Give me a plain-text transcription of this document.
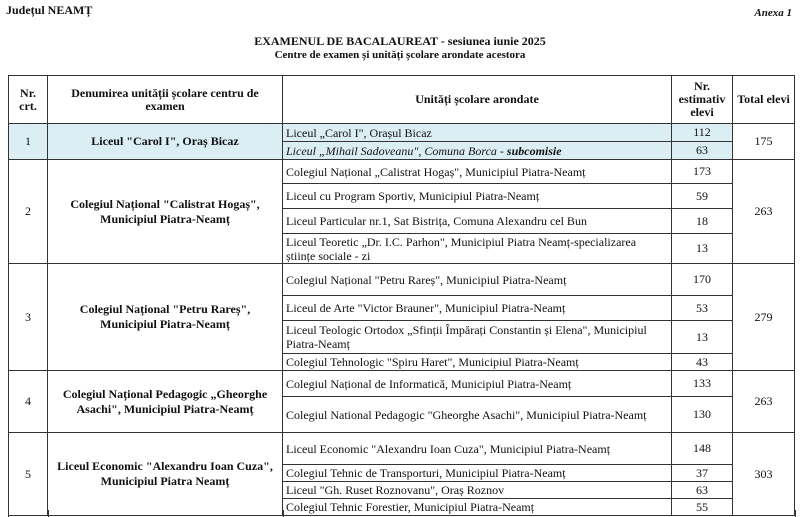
Județul NEAMȚ	Anexa 1
EXAMENUL DE BACALAUREAT - sesiunea iunie 2025
Centre de examen și unități școlare arondate acestora
Nr. crt.	Denumirea unității școlare centru de examen	Unități școlare arondate	Nr. estimativ elevi	Total elevi
1	Liceul "Carol I", Oraș Bicaz	Liceul „Carol I", Orașul Bicaz	112	175
		Liceul „Mihail Sadoveanu", Comuna Borca - subcomisie	63	
2	Colegiul Național "Calistrat Hogaș", Municipiul Piatra-Neamț	Colegiul Național „Calistrat Hogaș", Municipiul Piatra-Neamț	173	263
		Liceul cu Program Sportiv, Municipiul Piatra-Neamț	59	
		Liceul Particular nr.1, Sat Bistrița, Comuna Alexandru cel Bun	18	
		Liceul Teoretic „Dr. I.C. Parhon", Municipiul Piatra Neamț-specializarea științe sociale - zi	13	
3	Colegiul Național "Petru Rareș", Municipiul Piatra-Neamț	Colegiul Național "Petru Rareș", Municipiul Piatra-Neamț	170	279
		Liceul de Arte "Victor Brauner", Municipiul Piatra-Neamț	53	
		Liceul Teologic Ortodox „Sfinții Împărați Constantin și Elena", Municipiul Piatra-Neamț	13	
		Colegiul Tehnologic "Spiru Haret", Municipiul Piatra-Neamț	43	
4	Colegiul Național Pedagogic „Gheorghe Asachi", Municipiul Piatra-Neamț	Colegiul Național de Informatică, Municipiul Piatra-Neamț	133	263
		Colegiul National Pedagogic "Gheorghe Asachi", Municipiul Piatra-Neamț	130	
5	Liceul Economic "Alexandru Ioan Cuza", Municipiul Piatra Neamț	Liceul Economic "Alexandru Ioan Cuza", Municipiul Piatra-Neamț	148	303
		Colegiul Tehnic de Transporturi, Municipiul Piatra-Neamț	37	
		Liceul "Gh. Ruset Roznovanu", Oraș Roznov	63	
		Colegiul Tehnic Forestier, Municipiul Piatra-Neamț	55	
